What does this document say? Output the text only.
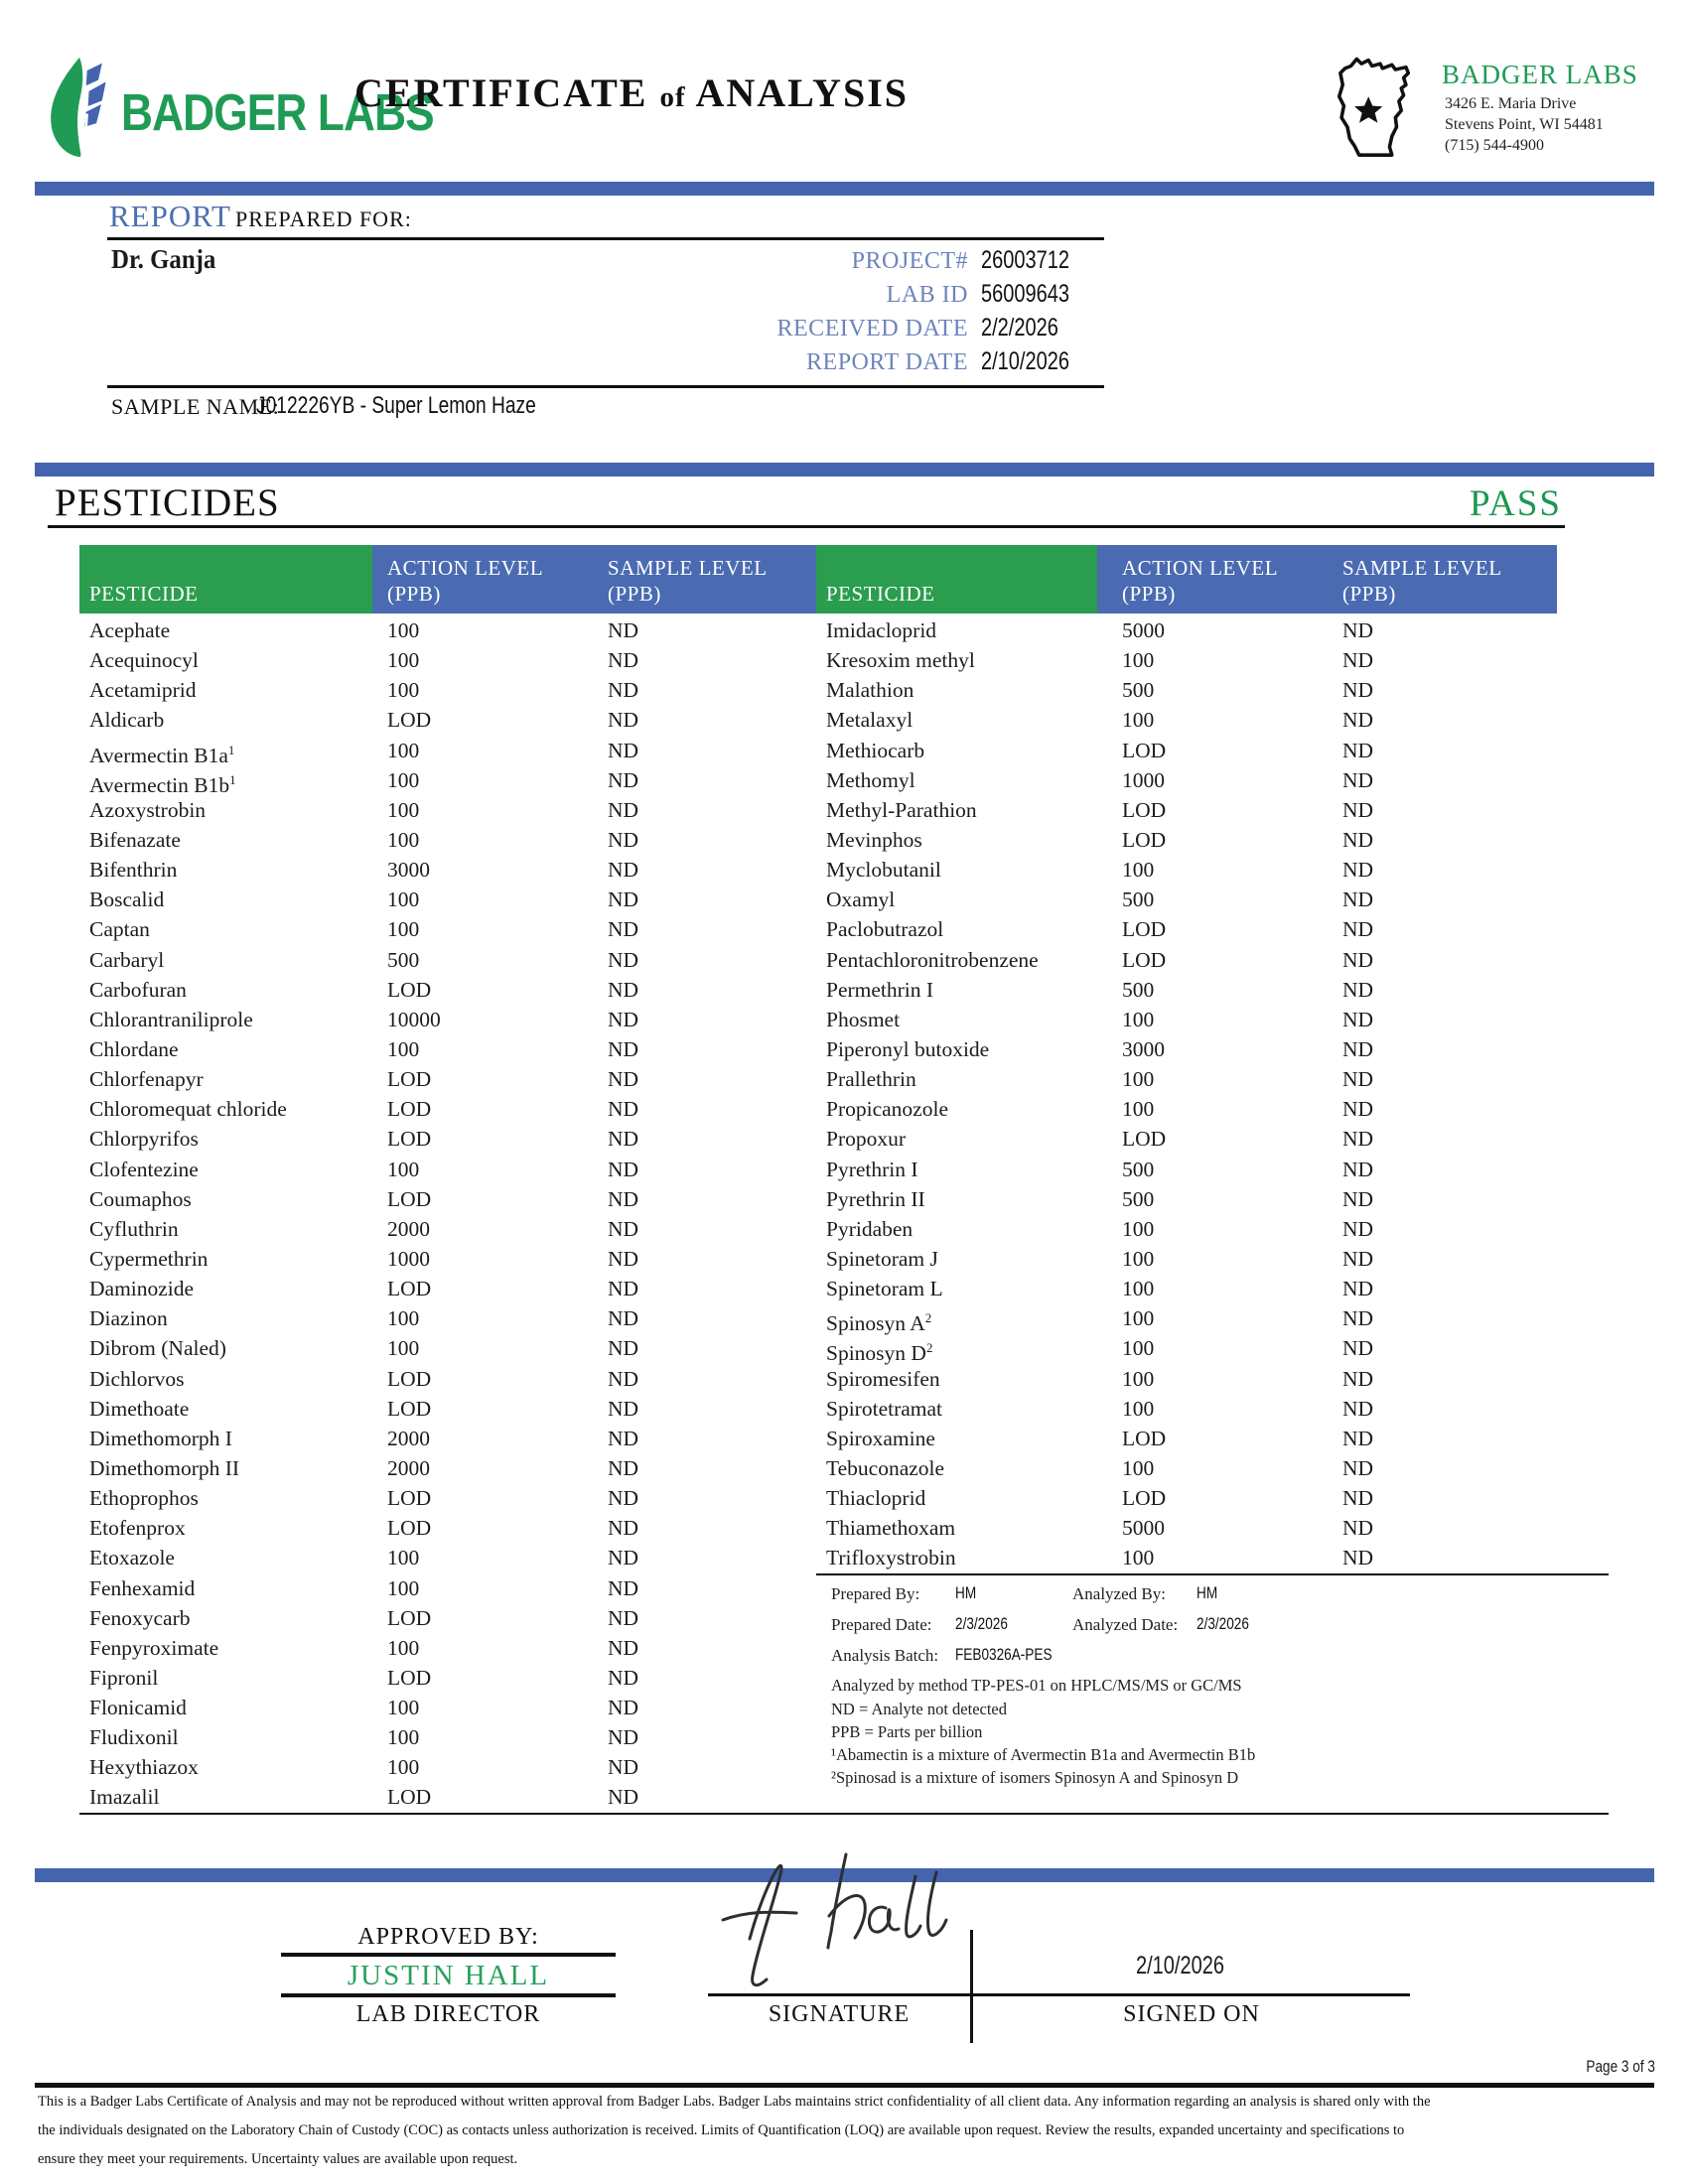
BADGER LABS
CERTIFICATE of ANALYSIS	BADGER LABS
3426 E. Maria Drive
Stevens Point, WI 54481
(715) 544-4900
REPORT PREPARED FOR:
Dr. Ganja	PROJECT# 26003712
LAB ID 56009643
RECEIVED DATE 2/2/2026
REPORT DATE 2/10/2026
SAMPLE NAME:
J012226YB - Super Lemon Haze
PESTICIDES	PASS
PESTICIDE
ACTION LEVEL
(PPB)
SAMPLE LEVEL
(PPB)	PESTICIDE
ACTION LEVEL
(PPB)
SAMPLE LEVEL
(PPB)
Acephate	100	ND
Acequinocyl	100	ND
Acetamiprid	100	ND
Aldicarb	LOD	ND
Avermectin $B1a^1$	100	ND
Avermectin $B1b^1$	100	ND
Azoxystrobin	100	ND
Bifenazate	100	ND
Bifenthrin	3000	ND
Boscalid	100	ND
Captan	100	ND
Carbaryl	500	ND
Carbofuran	LOD	ND
Chlorantraniliprole	10000	ND
Chlordane	100	ND
Chlorfenapyr	LOD	ND
Chloromequat chloride	LOD	ND
Chlorpyrifos	LOD	ND
Clofentezine	100	ND
Coumaphos	LOD	ND
Cyfluthrin	2000	ND
Cypermethrin	1000	ND
Daminozide	LOD	ND
Diazinon	100	ND
Dibrom (Naled)	100	ND
Dichlorvos	LOD	ND
Dimethoate	LOD	ND
Dimethomorph I	2000	ND
Dimethomorph II	2000	ND
Ethoprophos	LOD	ND
Etofenprox	LOD	ND
Etoxazole	100	ND
Fenhexamid	100	ND
Fenoxycarb	LOD	ND
Fenpyroximate	100	ND
Fipronil	LOD	ND
Flonicamid	100	ND
Fludixonil	100	ND
Hexythiazox	100	ND
Imazalil	LOD	ND
Imidacloprid	5000	ND
Kresoxim methyl	100	ND
Malathion	500	ND
Metalaxyl	100	ND
Methiocarb	LOD	ND
Methomyl	1000	ND
Methyl-Parathion	LOD	ND
Mevinphos	LOD	ND
Myclobutanil	100	ND
Oxamyl	500	ND
Paclobutrazol	LOD	ND
Pentachloronitrobenzene	LOD	ND
Permethrin I	500	ND
Phosmet	100	ND
Piperonyl butoxide	3000	ND
Prallethrin	100	ND
Propicanozole	100	ND
Propoxur	LOD	ND
Pyrethrin I	500	ND
Pyrethrin II	500	ND
Pyridaben	100	ND
Spinetoram J	100	ND
Spinetoram L	100	ND
Spinosyn $A^2$	100	ND
Spinosyn $D^2$	100	ND
Spiromesifen	100	ND
Spirotetramat	100	ND
Spiroxamine	LOD	ND
Tebuconazole	100	ND
Thiacloprid	LOD	ND
Thiamethoxam	5000	ND
Trifloxystrobin	100	ND
Prepared By: HM	Analyzed By: HM
Prepared Date: 2/3/2026	Analyzed Date: 2/3/2026
Analysis Batch: FEB0326A-PES
Analyzed by method TP-PES-01 on HPLC/MS/MS or GC/MS
ND = Analyte not detected
PPB = Parts per billion
¹Abamectin is a mixture of Avermectin B1a and Avermectin B1b
²Spinosad is a mixture of isomers Spinosyn A and Spinosyn D
APPROVED BY:
JUSTIN HALL
LAB DIRECTOR
2/10/2026
SIGNATURE	SIGNED ON
Page 3 of 3
This is a Badger Labs Certificate of Analysis and may not be reproduced without written approval from Badger Labs. Badger Labs maintains strict confidentiality of all client data. Any information regarding an analysis is shared only with the
the individuals designated on the Laboratory Chain of Custody (COC) as contacts unless authorization is received. Limits of Quantification (LOQ) are available upon request. Review the results, expanded uncertainty and specifications to
ensure they meet your requirements. Uncertainty values are available upon request.
